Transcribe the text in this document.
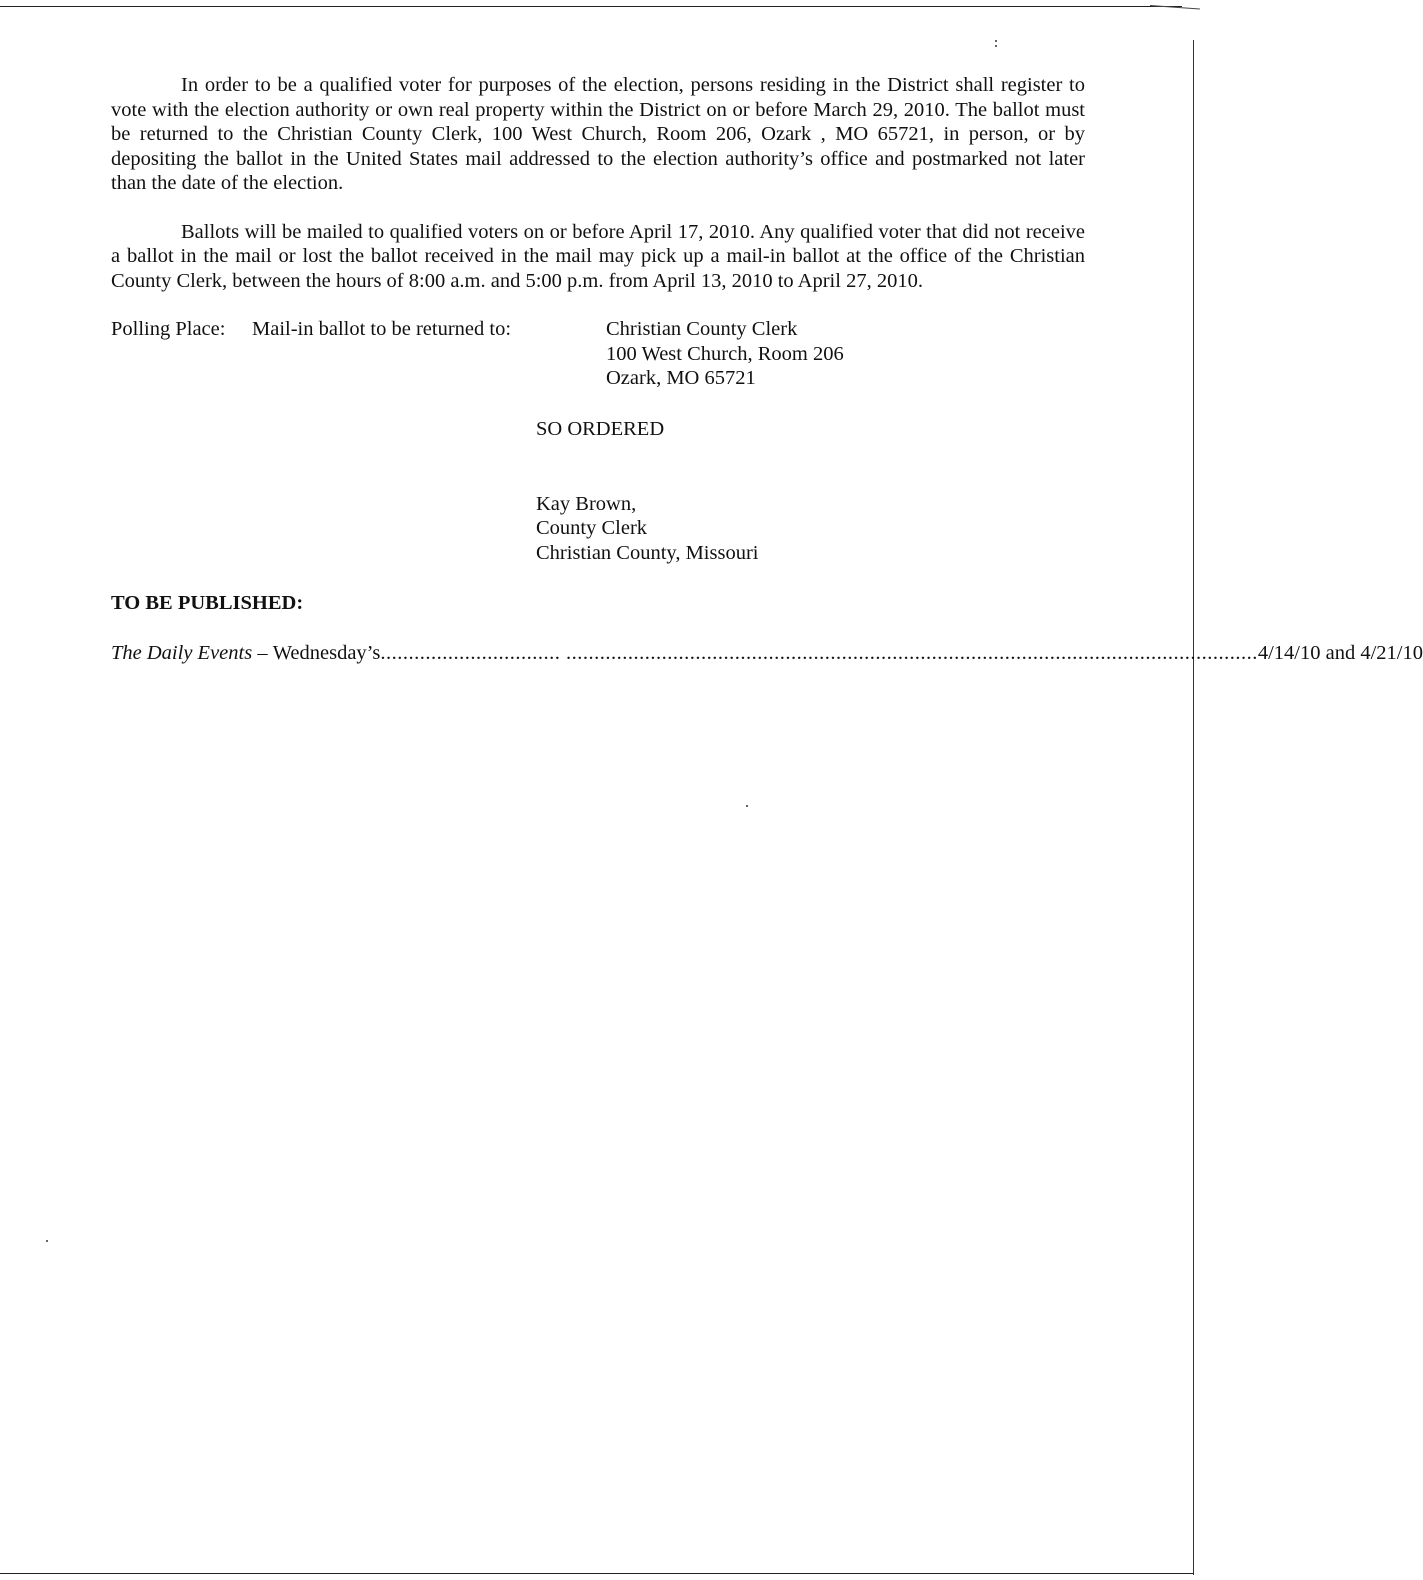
In order to be a qualified voter for purposes of the election, persons residing in the District shall register to vote with the election authority or own real property within the District on or before March 29, 2010. The ballot must be returned to the Christian County Clerk, 100 West Church, Room 206, Ozark , MO 65721, in person, or by depositing the ballot in the United States mail addressed to the election authority’s office and postmarked not later than the date of the election.

Ballots will be mailed to qualified voters on or before April 17, 2010. Any qualified voter that did not receive a ballot in the mail or lost the ballot received in the mail may pick up a mail-in ballot at the office of the Christian County Clerk, between the hours of 8:00 a.m. and 5:00 p.m. from April 13, 2010 to April 27, 2010.

Polling Place: Mail-in ballot to be returned to:	Christian County Clerk
100 West Church, Room 206
Ozark, MO 65721
SO ORDERED
Kay Brown,
County Clerk
Christian County, Missouri
TO BE PUBLISHED:
The Daily Events – Wednesday’s ................................ ........................................................................................................................... 4/14/10 and 4/21/10
